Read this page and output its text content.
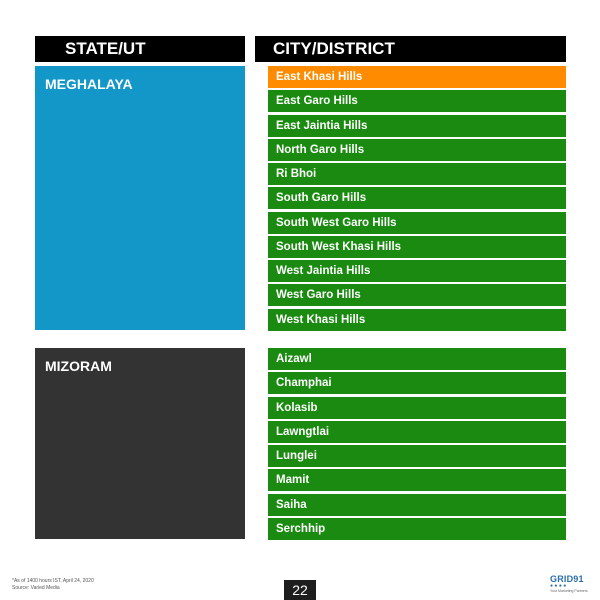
STATE/UT	CITY/DISTRICT
MEGHALAYA	East Khasi Hills
East Garo Hills
East Jaintia Hills
North Garo Hills
Ri Bhoi
South Garo Hills
South West Garo Hills
South West Khasi Hills
West Jaintia Hills
West Garo Hills
West Khasi Hills
MIZORAM	Aizawl
Champhai
Kolasib
Lawngtlai
Lunglei
Mamit
Saiha
Serchhip
*As of 1400 hours IST, April 24, 2020
Source: Varied Media	22
GRID91
● ● ● ●
Your Marketing Partners
